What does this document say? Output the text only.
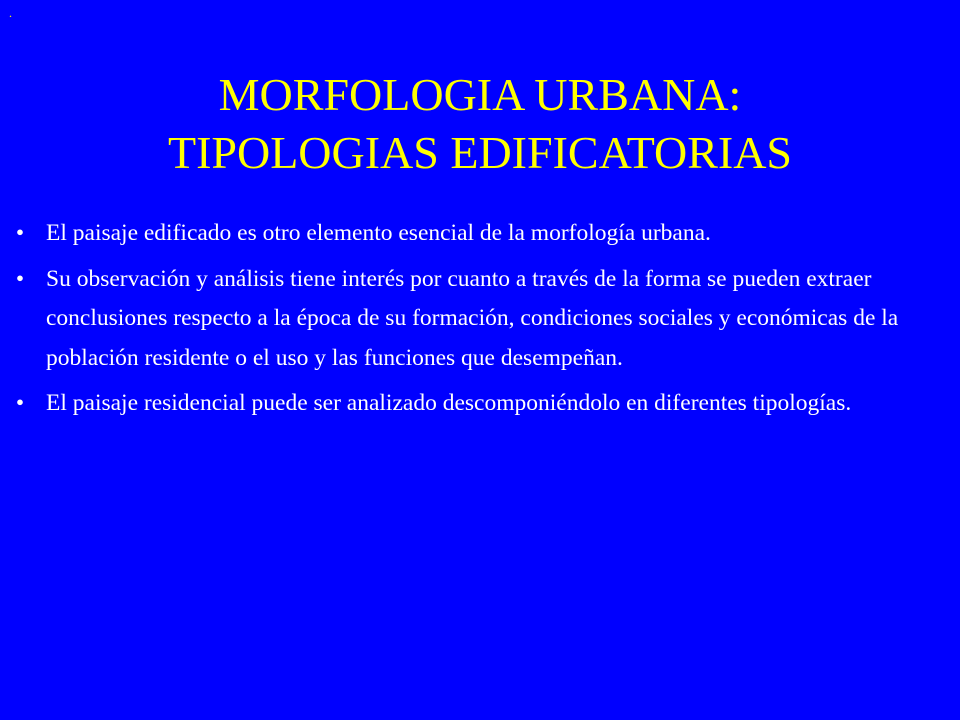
.
MORFOLOGIA URBANA:
TIPOLOGIAS EDIFICATORIAS
• El paisaje edificado es otro elemento esencial de la morfología urbana.
• Su observación y análisis tiene interés por cuanto a través de la forma se pueden extraer conclusiones respecto a la época de su formación, condiciones sociales y económicas de la población residente o el uso y las funciones que desempeñan.
• El paisaje residencial puede ser analizado descomponiéndolo en diferentes tipologías.
